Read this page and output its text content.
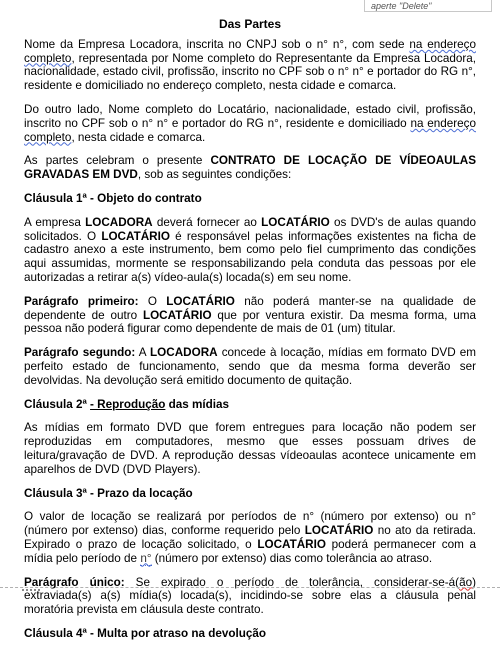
aperte "Delete"
Das Partes

Nome da Empresa Locadora, inscrita no CNPJ sob o n° n°, com sede na endereço completo, representada por Nome completo do Representante da Empresa Locadora, nacionalidade, estado civil, profissão, inscrito no CPF sob o n° n° e portador do RG n°, residente e domiciliado no endereço completo, nesta cidade e comarca.

Do outro lado, Nome completo do Locatário, nacionalidade, estado civil, profissão, inscrito no CPF sob o n° n° e portador do RG n°, residente e domiciliado na endereço completo, nesta cidade e comarca.

As partes celebram o presente CONTRATO DE LOCAÇÃO DE VÍDEOAULAS GRAVADAS EM DVD, sob as seguintes condições:

Cláusula 1ª - Objeto do contrato

A empresa LOCADORA deverá fornecer ao LOCATÁRIO os DVD's de aulas quando solicitados. O LOCATÁRIO é responsável pelas informações existentes na ficha de cadastro anexo a este instrumento, bem como pelo fiel cumprimento das condições aqui assumidas, mormente se responsabilizando pela conduta das pessoas por ele autorizadas a retirar a(s) vídeo-aula(s) locada(s) em seu nome.

Parágrafo primeiro: O LOCATÁRIO não poderá manter-se na qualidade de dependente de outro LOCATÁRIO que por ventura existir. Da mesma forma, uma pessoa não poderá figurar como dependente de mais de 01 (um) titular.

Parágrafo segundo: A LOCADORA concede à locação, mídias em formato DVD em perfeito estado de funcionamento, sendo que da mesma forma deverão ser devolvidas. Na devolução será emitido documento de quitação.

Cláusula 2ª - Reprodução das mídias

As mídias em formato DVD que forem entregues para locação não podem ser reproduzidas em computadores, mesmo que esses possuam drives de leitura/gravação de DVD. A reprodução dessas vídeoaulas acontece unicamente em aparelhos de DVD (DVD Players).

Cláusula 3ª - Prazo da locação

O valor de locação se realizará por períodos de n° (número por extenso) ou n° (número por extenso) dias, conforme requerido pelo LOCATÁRIO no ato da retirada. Expirado o prazo de locação solicitado, o LOCATÁRIO poderá permanecer com a mídia pelo período de n° (número por extenso) dias como tolerância ao atraso.

Parágrafo único: Se expirado o período de tolerância, considerar-se-á(ão) extraviada(s) a(s) mídia(s) locada(s), incidindo-se sobre elas a cláusula penal moratória prevista em cláusula deste contrato.

Cláusula 4ª - Multa por atraso na devolução
